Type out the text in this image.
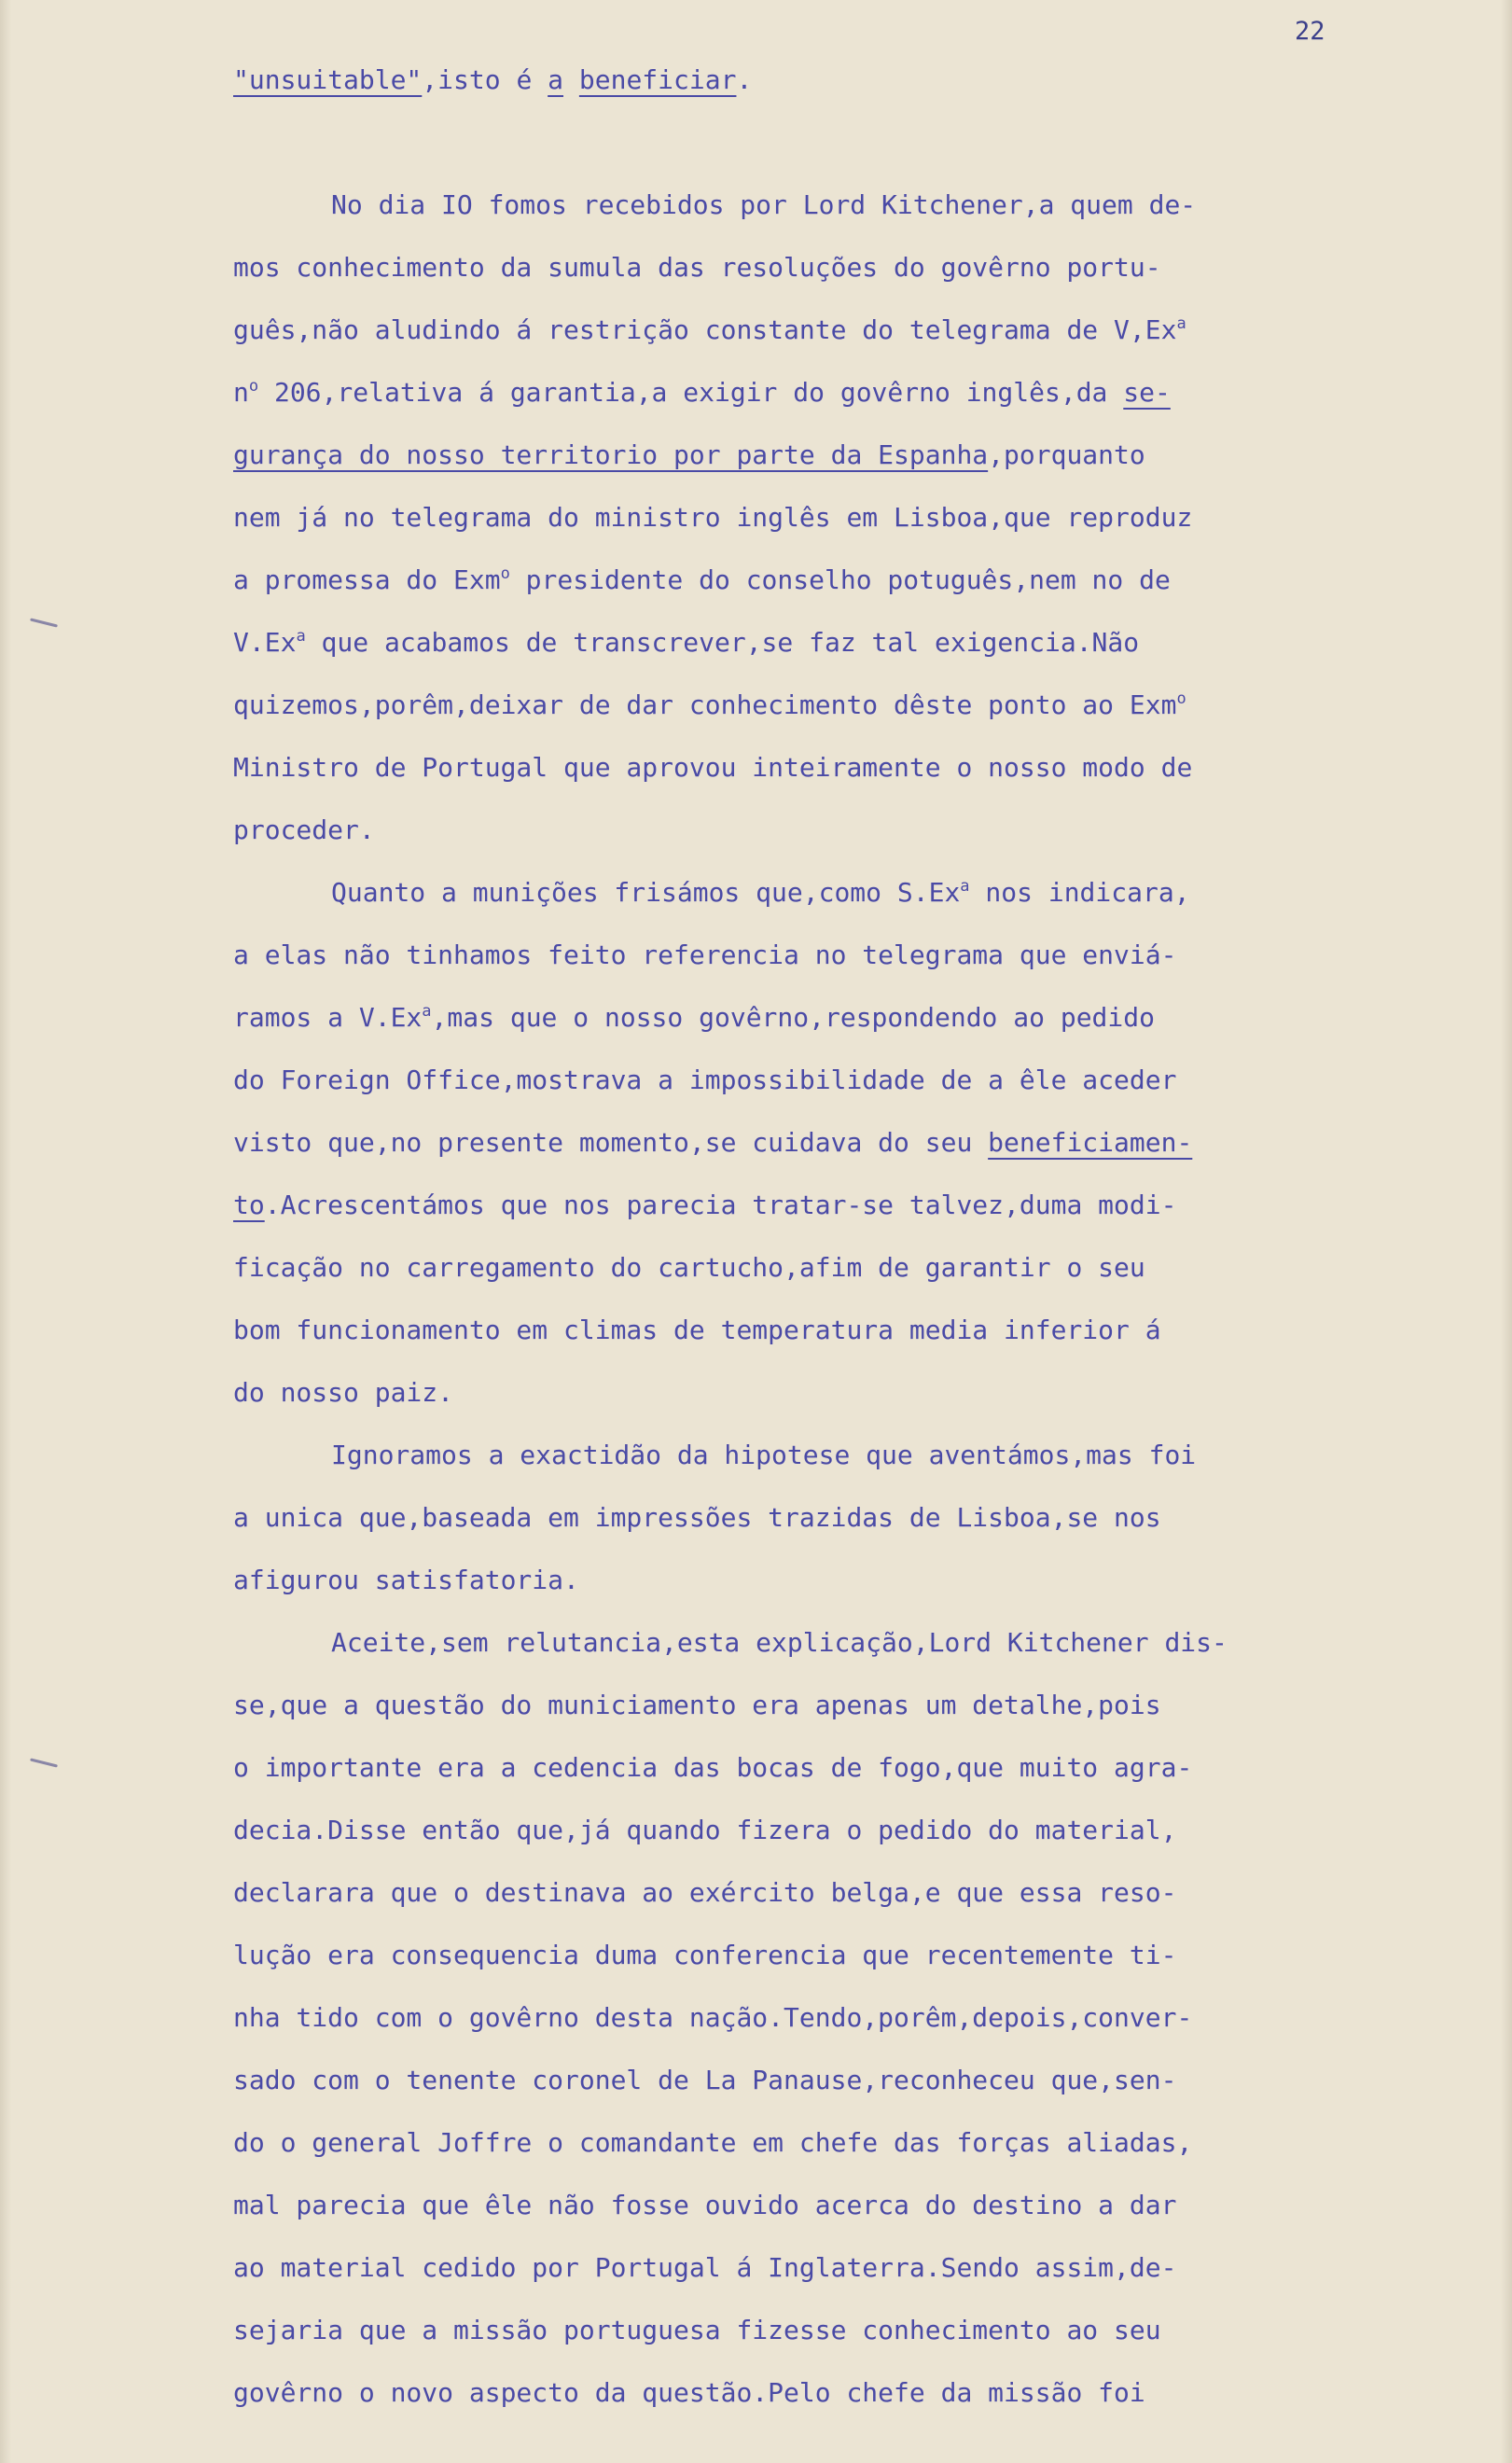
22
"unsuitable",isto é a beneficiar.
No dia IO fomos recebidos por Lord Kitchener,a quem de-
mos conhecimento da sumula das resoluções do govêrno portu-
guês,não aludindo á restrição constante do telegrama de V,Ex$^a$
$n^o$ 206,relativa á garantia,a exigir do govêrno inglês,da se-
gurança do nosso territorio por parte da Espanha,porquanto
nem já no telegrama do ministro inglês em Lisboa,que reproduz
a promessa do Exm$^o$ presidente do conselho potuguês,nem no de
V.Ex$^a$ que acabamos de transcrever,se faz tal exigencia.Não
quizemos,porêm,deixar de dar conhecimento dêste ponto ao Exm$^o$
Ministro de Portugal que aprovou inteiramente o nosso modo de
proceder.
Quanto a munições frisámos que,como S.Ex$^a$ nos indicara,
a elas não tinhamos feito referencia no telegrama que enviá-
ramos a V.Ex$^a$,mas que o nosso govêrno,respondendo ao pedido
do Foreign Office,mostrava a impossibilidade de a êle aceder
visto que,no presente momento,se cuidava do seu beneficiamen-
to.Acrescentámos que nos parecia tratar-se talvez,duma modi-
ficação no carregamento do cartucho,afim de garantir o seu
bom funcionamento em climas de temperatura media inferior á
do nosso paiz.
Ignoramos a exactidão da hipotese que aventámos,mas foi
a unica que,baseada em impressões trazidas de Lisboa,se nos
afigurou satisfatoria.
Aceite,sem relutancia,esta explicação,Lord Kitchener dis-
se,que a questão do municiamento era apenas um detalhe,pois
o importante era a cedencia das bocas de fogo,que muito agra-
decia.Disse então que,já quando fizera o pedido do material,
declarara que o destinava ao exército belga,e que essa reso-
lução era consequencia duma conferencia que recentemente ti-
nha tido com o govêrno desta nação.Tendo,porêm,depois,conver-
sado com o tenente coronel de La Panause,reconheceu que,sen-
do o general Joffre o comandante em chefe das forças aliadas,
mal parecia que êle não fosse ouvido acerca do destino a dar
ao material cedido por Portugal á Inglaterra.Sendo assim,de-
sejaria que a missão portuguesa fizesse conhecimento ao seu
govêrno o novo aspecto da questão.Pelo chefe da missão foi
